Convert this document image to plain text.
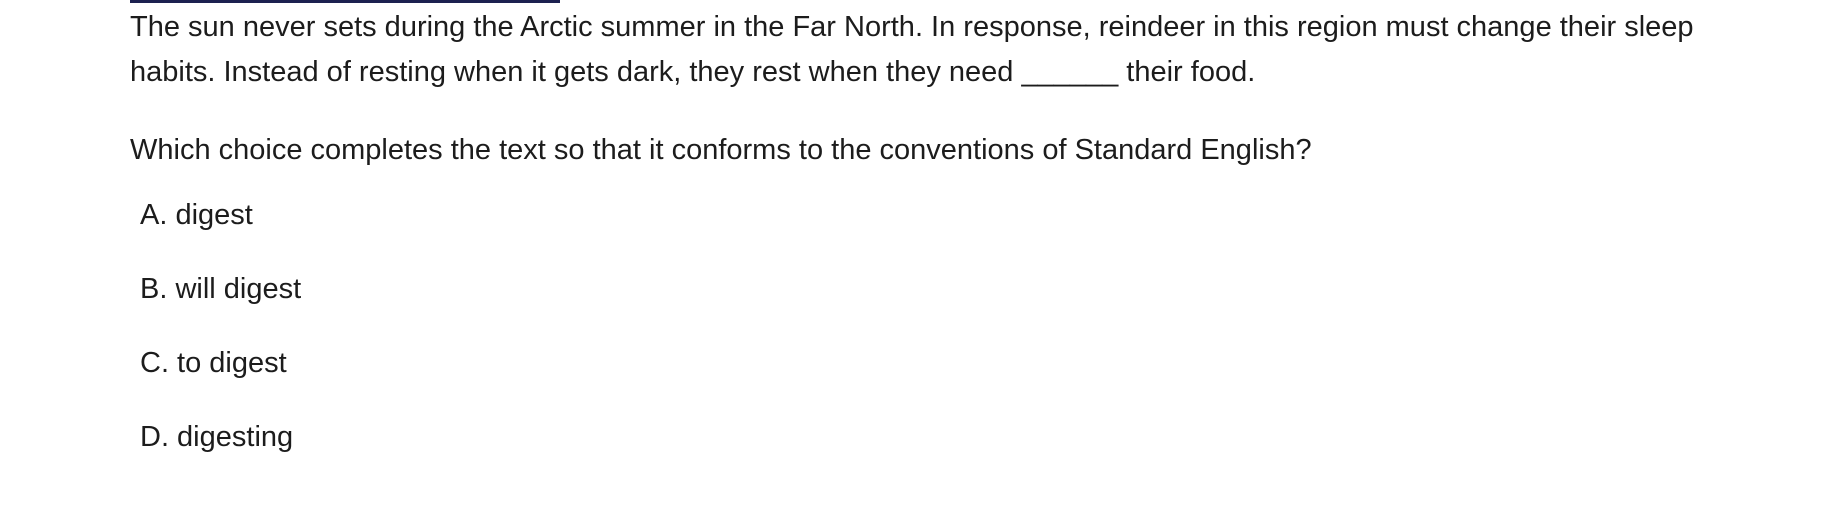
The sun never sets during the Arctic summer in the Far North. In response, reindeer in this region must change their sleep habits. Instead of resting when it gets dark, they rest when they need ______ their food.

Which choice completes the text so that it conforms to the conventions of Standard English?

A. digest
B. will digest
C. to digest
D. digesting
